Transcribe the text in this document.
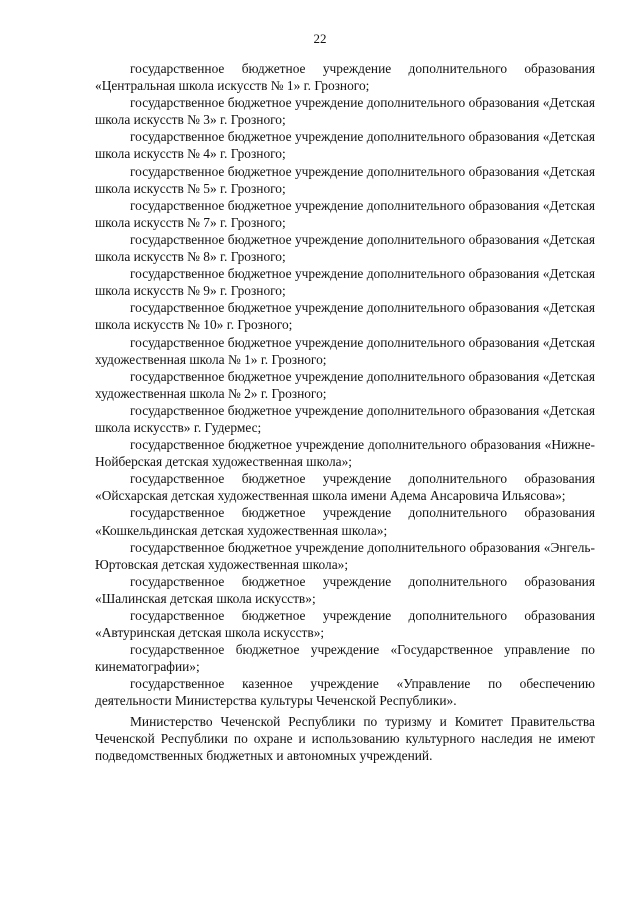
22

государственное бюджетное учреждение дополнительного образования «Центральная школа искусств № 1» г. Грозного;

государственное бюджетное учреждение дополнительного образования «Детская школа искусств № 3» г. Грозного;

государственное бюджетное учреждение дополнительного образования «Детская школа искусств № 4» г. Грозного;

государственное бюджетное учреждение дополнительного образования «Детская школа искусств № 5» г. Грозного;

государственное бюджетное учреждение дополнительного образования «Детская школа искусств № 7» г. Грозного;

государственное бюджетное учреждение дополнительного образования «Детская школа искусств № 8» г. Грозного;

государственное бюджетное учреждение дополнительного образования «Детская школа искусств № 9» г. Грозного;

государственное бюджетное учреждение дополнительного образования «Детская школа искусств № 10» г. Грозного;

государственное бюджетное учреждение дополнительного образования «Детская художественная школа № 1» г. Грозного;

государственное бюджетное учреждение дополнительного образования «Детская художественная школа № 2» г. Грозного;

государственное бюджетное учреждение дополнительного образования «Детская школа искусств» г. Гудермес;

государственное бюджетное учреждение дополнительного образования «Нижне-Нойберская детская художественная школа»;

государственное бюджетное учреждение дополнительного образования «Ойсхарская детская художественная школа имени Адема Ансаровича Ильясова»;

государственное бюджетное учреждение дополнительного образования «Кошкельдинская детская художественная школа»;

государственное бюджетное учреждение дополнительного образования «Энгель-Юртовская детская художественная школа»;

государственное бюджетное учреждение дополнительного образования «Шалинская детская школа искусств»;

государственное бюджетное учреждение дополнительного образования «Автуринская детская школа искусств»;

государственное бюджетное учреждение «Государственное управление по кинематографии»;

государственное казенное учреждение «Управление по обеспечению деятельности Министерства культуры Чеченской Республики».

Министерство Чеченской Республики по туризму и Комитет Правительства Чеченской Республики по охране и использованию культурного наследия не имеют подведомственных бюджетных и автономных учреждений.
